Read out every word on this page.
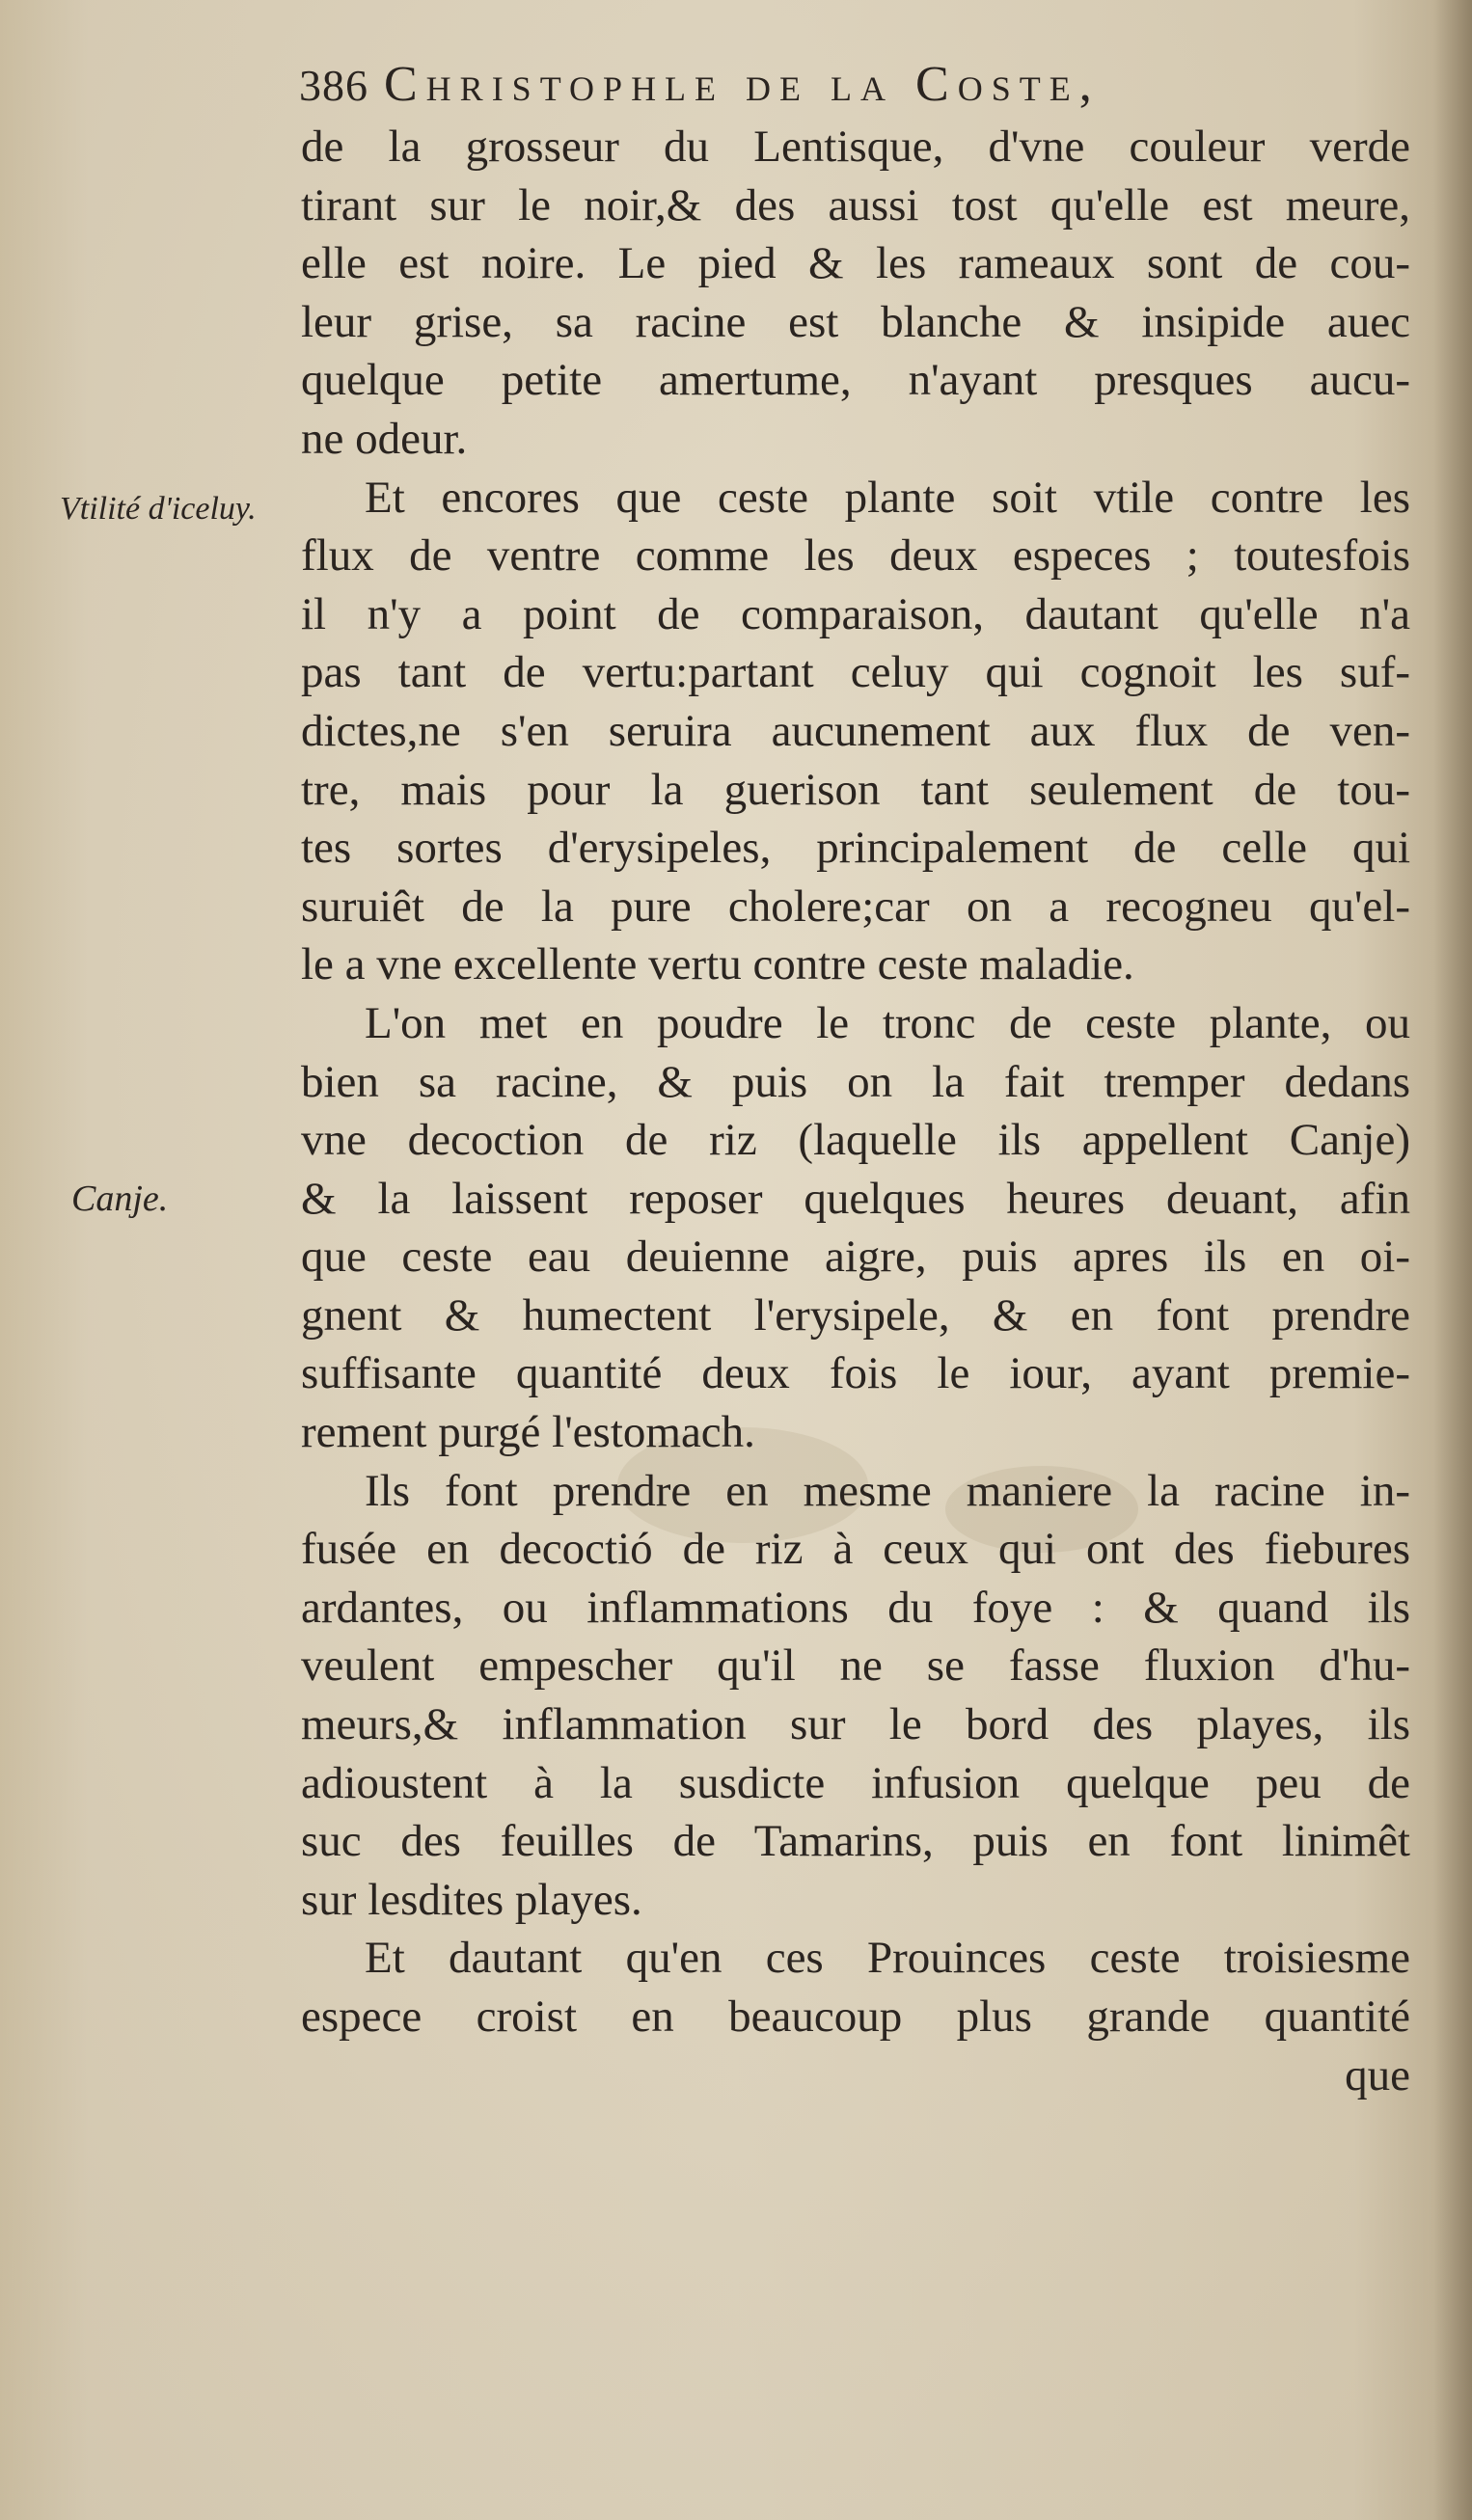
386 Christophle de la Coste,
Vtilité d'iceluy.
Canje.
de la grosseur du Lentisque, d'vne couleur verde
tirant sur le noir,& des aussi tost qu'elle est meure,
elle est noire. Le pied & les rameaux sont de cou-
leur grise, sa racine est blanche & insipide auec
quelque petite amertume, n'ayant presques aucu-
ne odeur.
Et encores que ceste plante soit vtile contre les
flux de ventre comme les deux especes ; toutesfois
il n'y a point de comparaison, dautant qu'elle n'a
pas tant de vertu:partant celuy qui cognoit les suf-
dictes,ne s'en seruira aucunement aux flux de ven-
tre, mais pour la guerison tant seulement de tou-
tes sortes d'erysipeles, principalement de celle qui
suruiêt de la pure cholere;car on a recogneu qu'el-
le a vne excellente vertu contre ceste maladie.
L'on met en poudre le tronc de ceste plante, ou
bien sa racine, & puis on la fait tremper dedans
vne decoction de riz (laquelle ils appellent Canje)
& la laissent reposer quelques heures deuant, afin
que ceste eau deuienne aigre, puis apres ils en oi-
gnent & humectent l'erysipele, & en font prendre
suffisante quantité deux fois le iour, ayant premie-
rement purgé l'estomach.
Ils font prendre en mesme maniere la racine in-
fusée en decoctió de riz à ceux qui ont des fiebures
ardantes, ou inflammations du foye : & quand ils
veulent empescher qu'il ne se fasse fluxion d'hu-
meurs,& inflammation sur le bord des playes, ils
adioustent à la susdicte infusion quelque peu de
suc des feuilles de Tamarins, puis en font linimêt
sur lesdites playes.
Et dautant qu'en ces Prouinces ceste troisiesme
espece croist en beaucoup plus grande quantité
que
